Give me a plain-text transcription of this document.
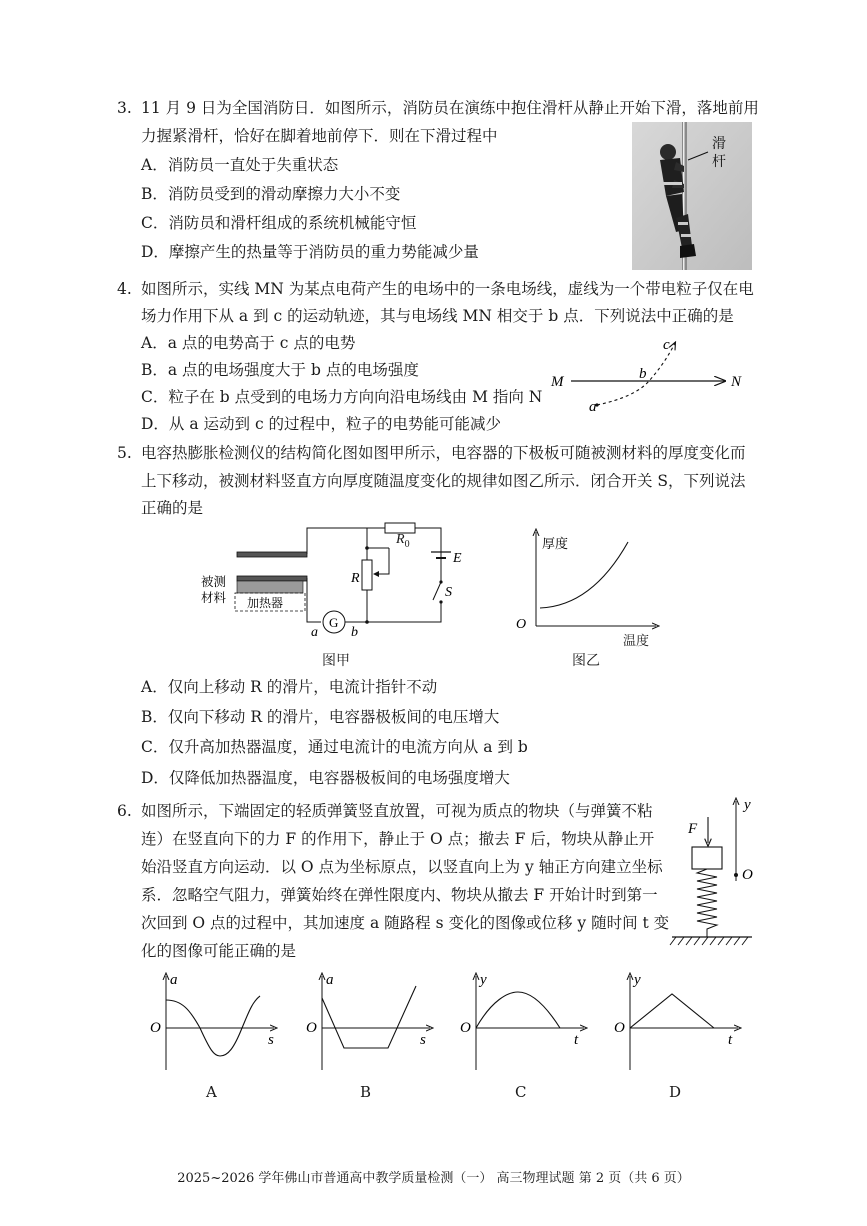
3. 11 月 9 日为全国消防日．如图所示，消防员在演练中抱住滑杆从静止开始下滑，落地前用
力握紧滑杆，恰好在脚着地前停下．则在下滑过程中
A．消防员一直处于失重状态
B．消防员受到的滑动摩擦力大小不变
C．消防员和滑杆组成的系统机械能守恒
D．摩擦产生的热量等于消防员的重力势能减少量
滑
杆
4. 如图所示，实线 MN 为某点电荷产生的电场中的一条电场线，虚线为一个带电粒子仅在电
场力作用下从 a 到 c 的运动轨迹，其与电场线 MN 相交于 b 点．下列说法中正确的是
A．a 点的电势高于 c 点的电势
B．a 点的电场强度大于 b 点的电场强度
C．粒子在 b 点受到的电场力方向向沿电场线由 M 指向 N
D．从 a 运动到 c 的过程中，粒子的电势能可能减少
M	N
a
b
c
5. 电容热膨胀检测仪的结构简化图如图甲所示，电容器的下极板可随被测材料的厚度变化而
上下移动，被测材料竖直方向厚度随温度变化的规律如图乙所示．闭合开关 S，下列说法
正确的是
加热器
被测
材料
G
a b
R
E
S
$R_0$
图甲
O
厚度
温度
图乙
A．仅向上移动 R 的滑片，电流计指针不动
B．仅向下移动 R 的滑片，电容器极板间的电压增大
C．仅升高加热器温度，通过电流计的电流方向从 a 到 b
D．仅降低加热器温度，电容器极板间的电场强度增大
6. 如图所示，下端固定的轻质弹簧竖直放置，可视为质点的物块（与弹簧不粘
连）在竖直向下的力 F 的作用下，静止于 O 点；撤去 F 后，物块从静止开
始沿竖直方向运动．以 O 点为坐标原点，以竖直向上为 y 轴正方向建立坐标
系．忽略空气阻力，弹簧始终在弹性限度内、物块从撤去 F 开始计时到第一
次回到 O 点的过程中，其加速度 a 随路程 s 变化的图像或位移 y 随时间 t 变
化的图像可能正确的是
F
y
O
a
O
s
a
O
s
y
O
t
y
O
t
A	B	C	D
2025~2026 学年佛山市普通高中教学质量检测（一） 高三物理试题 第 2 页（共 6 页）
